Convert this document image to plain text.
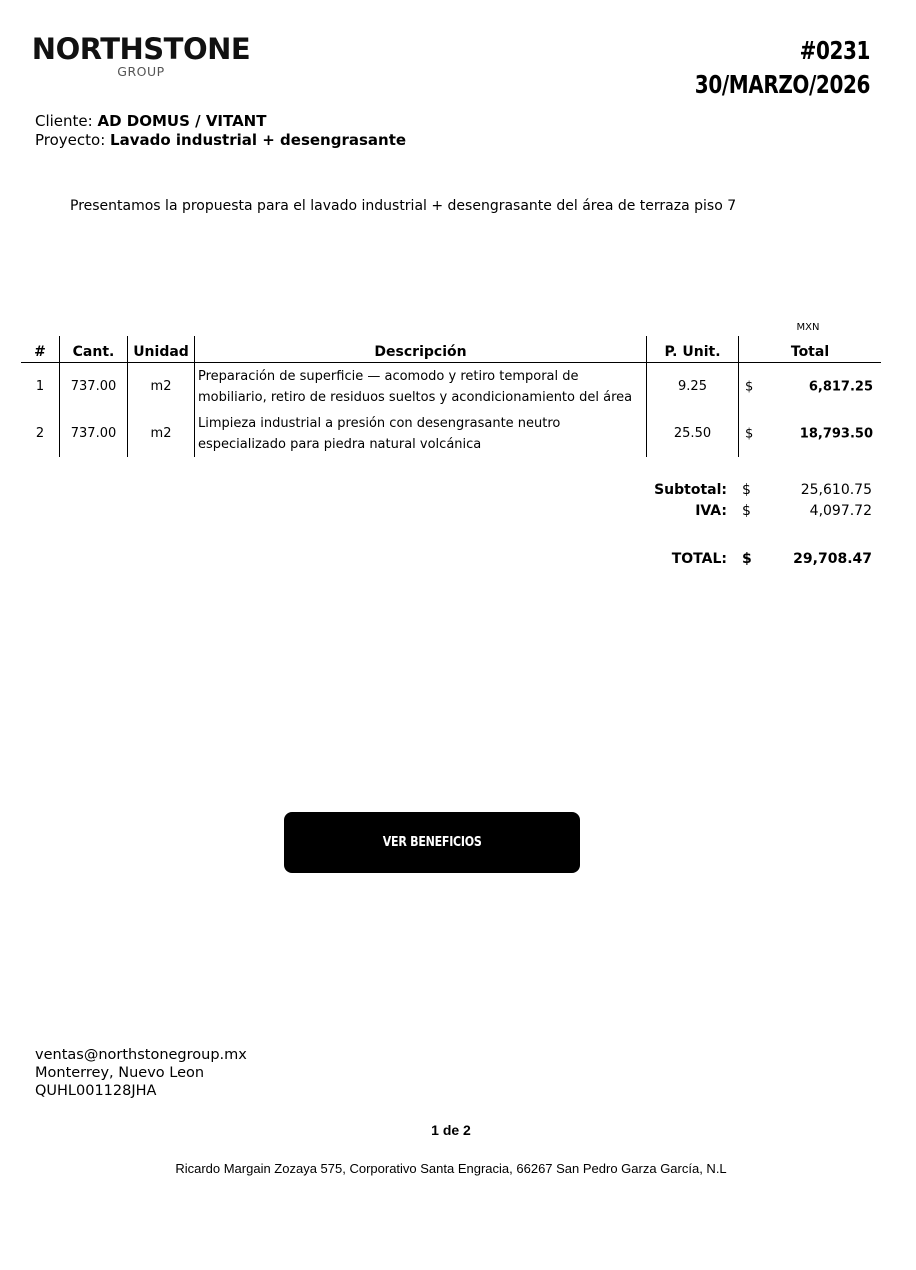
NORTHSTONE
GROUP
#0231
30/MARZO/2026
Cliente: AD DOMUS / VITANT
Proyecto: Lavado industrial + desengrasante
Presentamos la propuesta para el lavado industrial + desengrasante del área de terraza piso 7
MXN
#	Cant.	Unidad	Descripción	P. Unit.	Total
1	737.00	m2	Preparación de superficie — acomodo y retiro temporal de mobiliario, retiro de residuos sueltos y acondicionamiento del área	9.25	$ 6,817.25

2	737.00	m2	Limpieza industrial a presión con desengrasante neutro especializado para piedra natural volcánica	25.50	$ 18,793.50
Subtotal: $	25,610.75
IVA: $	4,097.72
TOTAL: $	29,708.47
VER BENEFICIOS
ventas@northstonegroup.mx
Monterrey, Nuevo Leon
QUHL001128JHA
1 de 2
Ricardo Margain Zozaya 575, Corporativo Santa Engracia, 66267 San Pedro Garza García, N.L
